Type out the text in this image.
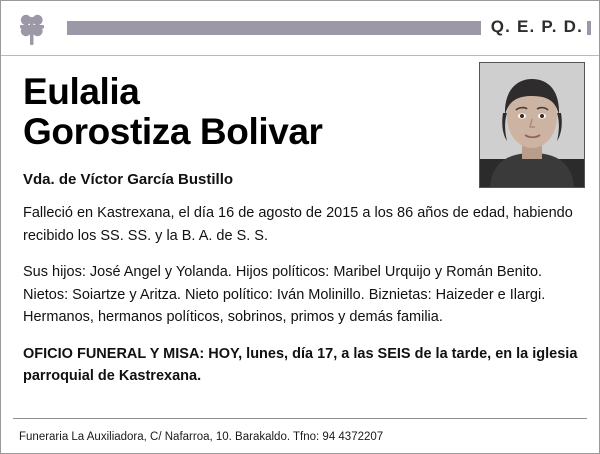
Q. E. P. D.
Eulalia
Gorostiza Bolivar
Vda. de Víctor García Bustillo
Falleció en Kastrexana, el día 16 de agosto de 2015 a los 86 años de edad, habiendo recibido los SS. SS. y la B. A. de S. S.
Sus hijos: José Angel y Yolanda. Hijos políticos: Maribel Urquijo y Román Benito. Nietos: Soiartze y Aritza. Nieto político: Iván Molinillo. Biznietas: Haizeder e Ilargi. Hermanos, hermanos políticos, sobrinos, primos y demás familia.
OFICIO FUNERAL Y MISA: HOY, lunes, día 17, a las SEIS de la tarde, en la iglesia parroquial de Kastrexana.
Funeraria La Auxiliadora, C/ Nafarroa, 10. Barakaldo. Tfno: 94 4372207
